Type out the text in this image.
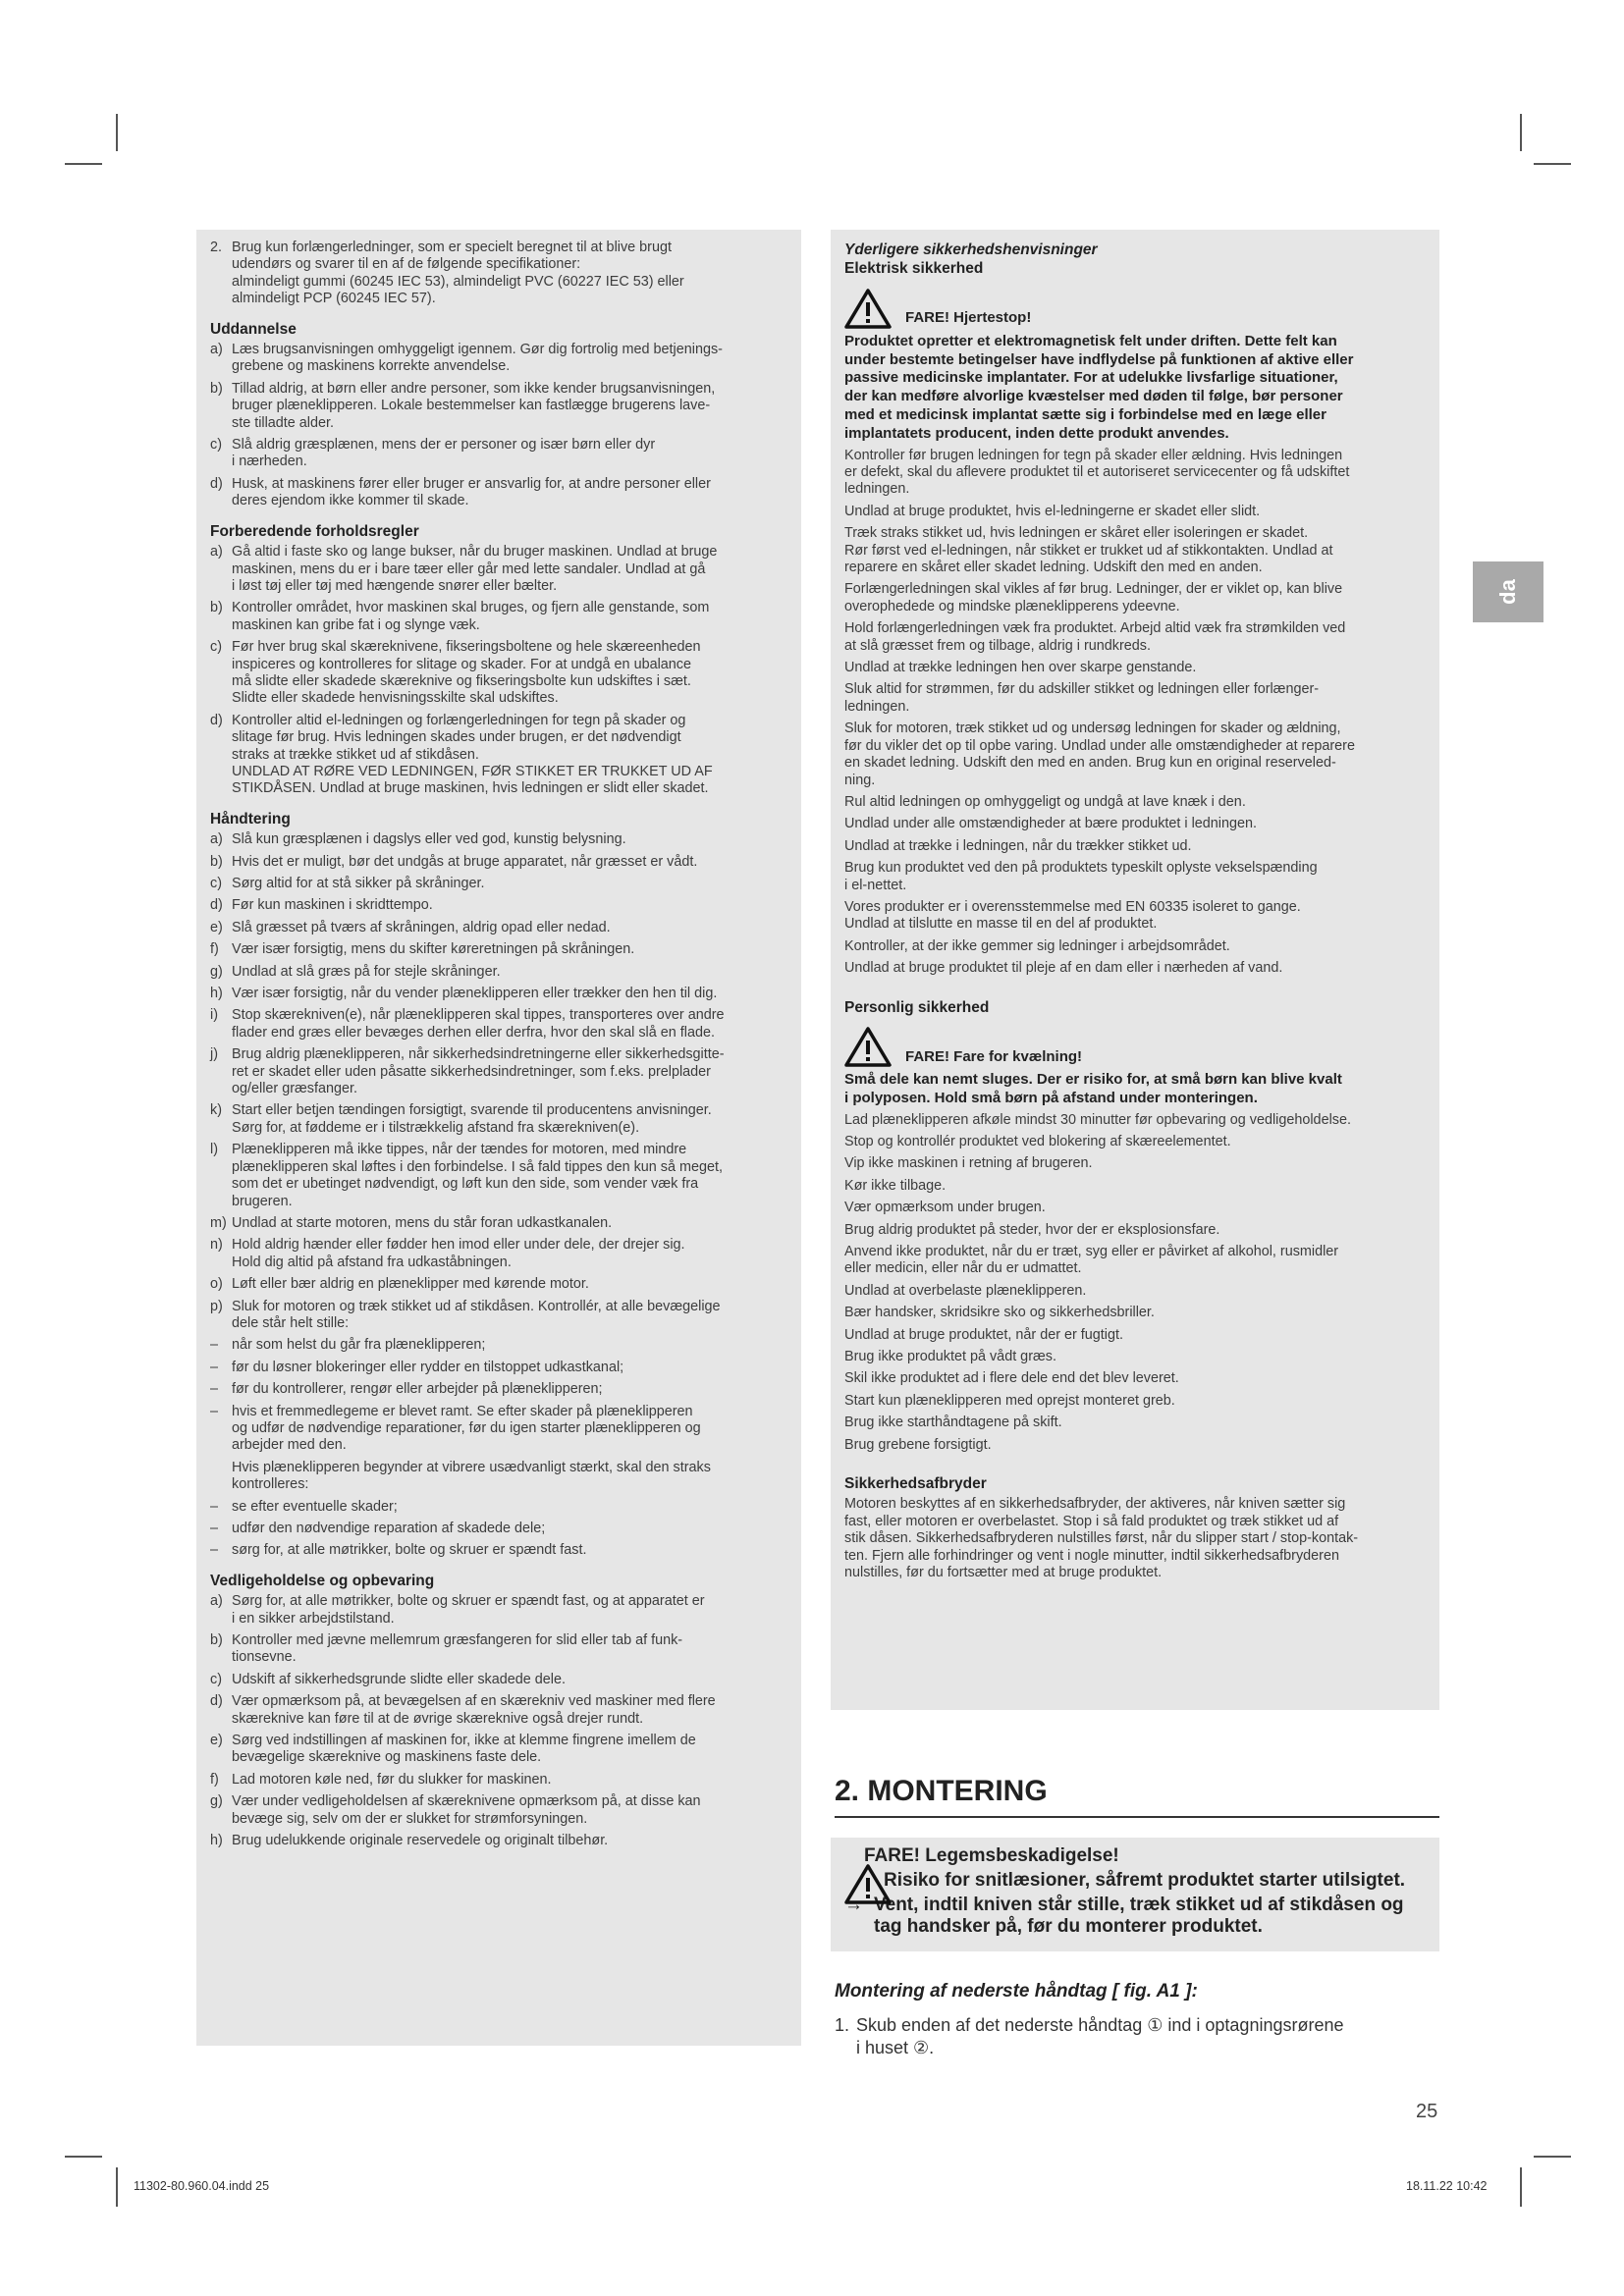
2. Brug kun forlængerledninger, som er specielt beregnet til at blive brugt
udendørs og svarer til en af de følgende specifikationer:
almindeligt gummi (60245 IEC 53), almindeligt PVC (60227 IEC 53) eller
almindeligt PCP (60245 IEC 57).
Uddannelse
a) Læs brugsanvisningen omhyggeligt igennem. Gør dig fortrolig med betjenings-
grebene og maskinens korrekte anvendelse.
b) Tillad aldrig, at børn eller andre personer, som ikke kender brugsanvisningen,
bruger plæneklipperen. Lokale bestemmelser kan fastlægge brugerens lave-
ste tilladte alder.
c) Slå aldrig græsplænen, mens der er personer og især børn eller dyr
i nærheden.
d) Husk, at maskinens fører eller bruger er ansvarlig for, at andre personer eller
deres ejendom ikke kommer til skade.
Forberedende forholdsregler
a) Gå altid i faste sko og lange bukser, når du bruger maskinen. Undlad at bruge
maskinen, mens du er i bare tæer eller går med lette sandaler. Undlad at gå
i løst tøj eller tøj med hængende snører eller bælter.
b) Kontroller området, hvor maskinen skal bruges, og fjern alle genstande, som
maskinen kan gribe fat i og slynge væk.
c) Før hver brug skal skæreknivene, fikseringsboltene og hele skæreenheden
inspiceres og kontrolleres for slitage og skader. For at undgå en ubalance
må slidte eller skadede skæreknive og fikseringsbolte kun udskiftes i sæt.
Slidte eller skadede henvisningsskilte skal udskiftes.
d) Kontroller altid el-ledningen og forlængerledningen for tegn på skader og
slitage før brug. Hvis ledningen skades under brugen, er det nødvendigt
straks at trække stikket ud af stikdåsen.
UNDLAD AT RØRE VED LEDNINGEN, FØR STIKKET ER TRUKKET UD AF
STIKDÅSEN. Undlad at bruge maskinen, hvis ledningen er slidt eller skadet.
Håndtering
a) Slå kun græsplænen i dagslys eller ved god, kunstig belysning.
b) Hvis det er muligt, bør det undgås at bruge apparatet, når græsset er vådt.
c) Sørg altid for at stå sikker på skråninger.
d) Før kun maskinen i skridttempo.
e) Slå græsset på tværs af skråningen, aldrig opad eller nedad.
f) Vær især forsigtig, mens du skifter køreretningen på skråningen.
g) Undlad at slå græs på for stejle skråninger.
h) Vær især forsigtig, når du vender plæneklipperen eller trækker den hen til dig.
i) Stop skærekniven(e), når plæneklipperen skal tippes, transporteres over andre
flader end græs eller bevæges derhen eller derfra, hvor den skal slå en flade.
j) Brug aldrig plæneklipperen, når sikkerhedsindretningerne eller sikkerhedsgitte-
ret er skadet eller uden påsatte sikkerhedsindretninger, som f.eks. prelplader
og/eller græsfanger.
k) Start eller betjen tændingen forsigtigt, svarende til producentens anvisninger.
Sørg for, at føddeme er i tilstrækkelig afstand fra skærekniven(e).
l) Plæneklipperen må ikke tippes, når der tændes for motoren, med mindre
plæneklipperen skal løftes i den forbindelse. I så fald tippes den kun så meget,
som det er ubetinget nødvendigt, og løft kun den side, som vender væk fra
brugeren.
m) Undlad at starte motoren, mens du står foran udkastkanalen.
n) Hold aldrig hænder eller fødder hen imod eller under dele, der drejer sig.
Hold dig altid på afstand fra udkaståbningen.
o) Løft eller bær aldrig en plæneklipper med kørende motor.
p) Sluk for motoren og træk stikket ud af stikdåsen. Kontrollér, at alle bevægelige
dele står helt stille:
– når som helst du går fra plæneklipperen;
– før du løsner blokeringer eller rydder en tilstoppet udkastkanal;
– før du kontrollerer, rengør eller arbejder på plæneklipperen;
– hvis et fremmedlegeme er blevet ramt. Se efter skader på plæneklipperen
og udfør de nødvendige reparationer, før du igen starter plæneklipperen og
arbejder med den.
Hvis plæneklipperen begynder at vibrere usædvanligt stærkt, skal den straks
kontrolleres:
– se efter eventuelle skader;
– udfør den nødvendige reparation af skadede dele;
– sørg for, at alle møtrikker, bolte og skruer er spændt fast.
Vedligeholdelse og opbevaring
a) Sørg for, at alle møtrikker, bolte og skruer er spændt fast, og at apparatet er
i en sikker arbejdstilstand.
b) Kontroller med jævne mellemrum græsfangeren for slid eller tab af funk-
tionsevne.
c) Udskift af sikkerhedsgrunde slidte eller skadede dele.
d) Vær opmærksom på, at bevægelsen af en skærekniv ved maskiner med flere
skæreknive kan føre til at de øvrige skæreknive også drejer rundt.
e) Sørg ved indstillingen af maskinen for, ikke at klemme fingrene imellem de
bevægelige skæreknive og maskinens faste dele.
f) Lad motoren køle ned, før du slukker for maskinen.
g) Vær under vedligeholdelsen af skæreknivene opmærksom på, at disse kan
bevæge sig, selv om der er slukket for strømforsyningen.
h) Brug udelukkende originale reservedele og originalt tilbehør.
Yderligere sikkerhedshenvisninger
Elektrisk sikkerhed
FARE! Hjertestop!
Produktet opretter et elektromagnetisk felt under driften. Dette felt kan
under bestemte betingelser have indflydelse på funktionen af aktive eller
passive medicinske implantater. For at udelukke livsfarlige situationer,
der kan medføre alvorlige kvæstelser med døden til følge, bør personer
med et medicinsk implantat sætte sig i forbindelse med en læge eller
implantatets producent, inden dette produkt anvendes.
Kontroller før brugen ledningen for tegn på skader eller ældning. Hvis ledningen
er defekt, skal du aflevere produktet til et autoriseret servicecenter og få udskiftet
ledningen.
Undlad at bruge produktet, hvis el-ledningerne er skadet eller slidt.
Træk straks stikket ud, hvis ledningen er skåret eller isoleringen er skadet.
Rør først ved el-ledningen, når stikket er trukket ud af stikkontakten. Undlad at
reparere en skåret eller skadet ledning. Udskift den med en anden.
Forlængerledningen skal vikles af før brug. Ledninger, der er viklet op, kan blive
overophedede og mindske plæneklipperens ydeevne.
Hold forlængerledningen væk fra produktet. Arbejd altid væk fra strømkilden ved
at slå græsset frem og tilbage, aldrig i rundkreds.
Undlad at trække ledningen hen over skarpe genstande.
Sluk altid for strømmen, før du adskiller stikket og ledningen eller forlænger-
ledningen.
Sluk for motoren, træk stikket ud og undersøg ledningen for skader og ældning,
før du vikler det op til opbe varing. Undlad under alle omstændigheder at reparere
en skadet ledning. Udskift den med en anden. Brug kun en original reserveled-
ning.
Rul altid ledningen op omhyggeligt og undgå at lave knæk i den.
Undlad under alle omstændigheder at bære produktet i ledningen.
Undlad at trække i ledningen, når du trækker stikket ud.
Brug kun produktet ved den på produktets typeskilt oplyste vekselspænding
i el-nettet.
Vores produkter er i overensstemmelse med EN 60335 isoleret to gange.
Undlad at tilslutte en masse til en del af produktet.
Kontroller, at der ikke gemmer sig ledninger i arbejdsområdet.
Undlad at bruge produktet til pleje af en dam eller i nærheden af vand.
Personlig sikkerhed
FARE! Fare for kvælning!
Små dele kan nemt sluges. Der er risiko for, at små børn kan blive kvalt
i polyposen. Hold små børn på afstand under monteringen.
Lad plæneklipperen afkøle mindst 30 minutter før opbevaring og vedligeholdelse.
Stop og kontrollér produktet ved blokering af skæreelementet.
Vip ikke maskinen i retning af brugeren.
Kør ikke tilbage.
Vær opmærksom under brugen.
Brug aldrig produktet på steder, hvor der er eksplosionsfare.
Anvend ikke produktet, når du er træt, syg eller er påvirket af alkohol, rusmidler
eller medicin, eller når du er udmattet.
Undlad at overbelaste plæneklipperen.
Bær handsker, skridsikre sko og sikkerhedsbriller.
Undlad at bruge produktet, når der er fugtigt.
Brug ikke produktet på vådt græs.
Skil ikke produktet ad i flere dele end det blev leveret.
Start kun plæneklipperen med oprejst monteret greb.
Brug ikke starthåndtagene på skift.
Brug grebene forsigtigt.
Sikkerhedsafbryder
Motoren beskyttes af en sikkerhedsafbryder, der aktiveres, når kniven sætter sig
fast, eller motoren er overbelastet. Stop i så fald produktet og træk stikket ud af
stik dåsen. Sikkerhedsafbryderen nulstilles først, når du slipper start / stop-kontak-
ten. Fjern alle forhindringer og vent i nogle minutter, indtil sikkerhedsafbryderen
nulstilles, før du fortsætter med at bruge produktet.
2. MONTERING
FARE! Legemsbeskadigelse!
Risiko for snitlæsioner, såfremt produktet starter utilsigtet.
→ Vent, indtil kniven står stille, træk stikket ud af stikdåsen og
tag handsker på, før du monterer produktet.
Montering af nederste håndtag [ fig. A1 ]:
1. Skub enden af det nederste håndtag ① ind i optagningsrørene
i huset ②.
25
da
11302-80.960.04.indd 25	18.11.22 10:42
